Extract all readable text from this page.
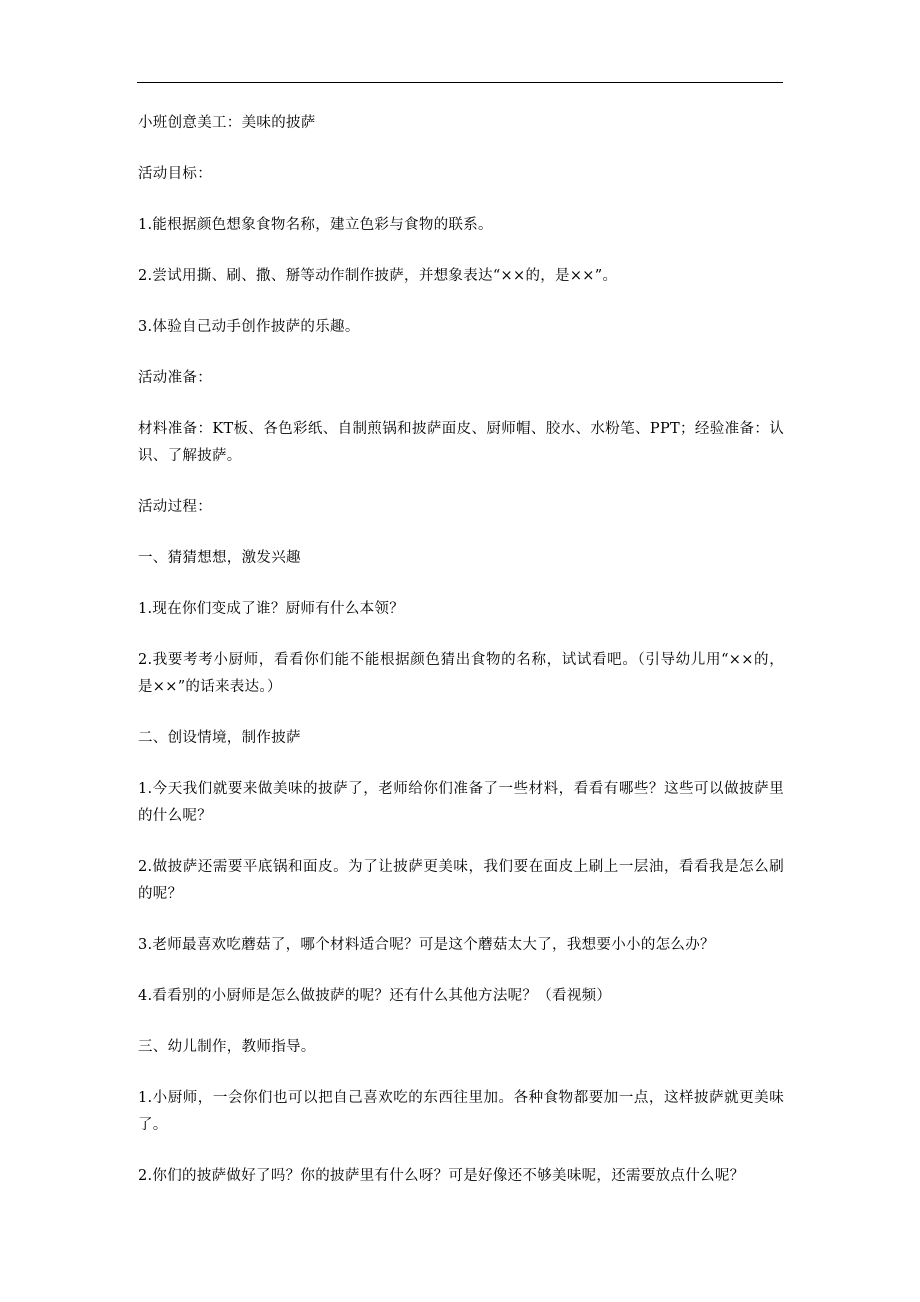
小班创意美工：美味的披萨

活动目标：

1.能根据颜色想象食物名称，建立色彩与食物的联系。

2.尝试用撕、刷、撒、掰等动作制作披萨，并想象表达“××的，是××”。

3.体验自己动手创作披萨的乐趣。

活动准备：

材料准备：KT板、各色彩纸、自制煎锅和披萨面皮、厨师帽、胶水、水粉笔、PPT；经验准备：认识、了解披萨。

活动过程：

一、猜猜想想，激发兴趣

1.现在你们变成了谁？厨师有什么本领？

2.我要考考小厨师，看看你们能不能根据颜色猜出食物的名称，试试看吧。（引导幼儿用“××的，是××”的话来表达。）

二、创设情境，制作披萨

1.今天我们就要来做美味的披萨了，老师给你们准备了一些材料，看看有哪些？这些可以做披萨里的什么呢？

2.做披萨还需要平底锅和面皮。为了让披萨更美味，我们要在面皮上刷上一层油，看看我是怎么刷的呢？

3.老师最喜欢吃蘑菇了，哪个材料适合呢？可是这个蘑菇太大了，我想要小小的怎么办？

4.看看别的小厨师是怎么做披萨的呢？还有什么其他方法呢？（看视频）

三、幼儿制作，教师指导。

1.小厨师，一会你们也可以把自己喜欢吃的东西往里加。各种食物都要加一点，这样披萨就更美味了。

2.你们的披萨做好了吗？你的披萨里有什么呀？可是好像还不够美味呢，还需要放点什么呢？
